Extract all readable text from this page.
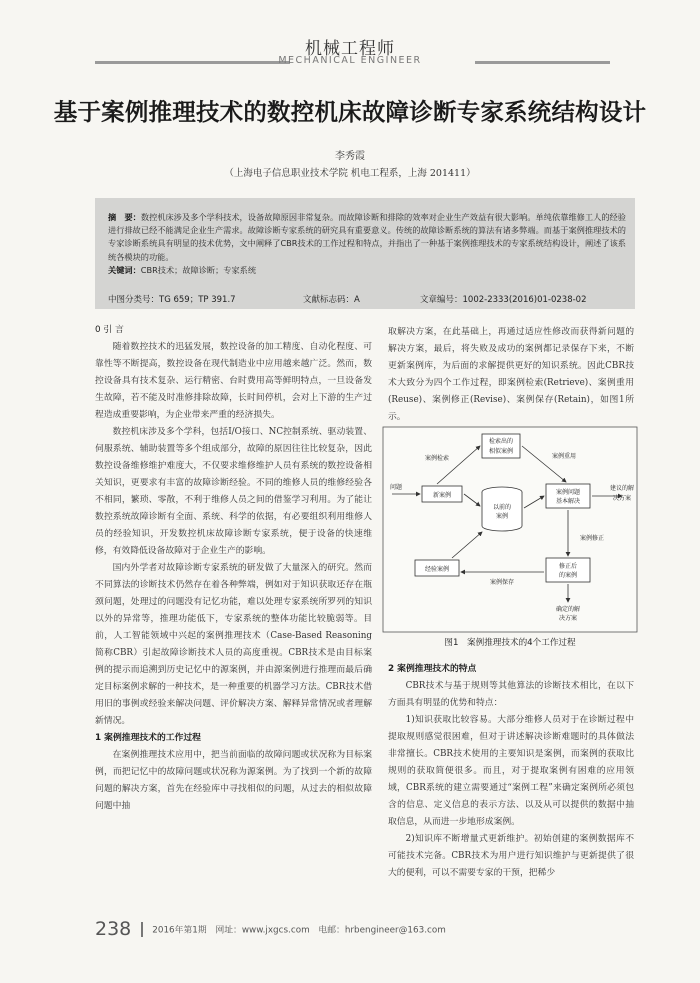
机械工程师
MECHANICAL ENGINEER
基于案例推理技术的数控机床故障诊断专家系统结构设计
李秀霞
（上海电子信息职业技术学院 机电工程系，上海 201411）
摘　要：数控机床涉及多个学科技术，设备故障原因非常复杂。而故障诊断和排除的效率对企业生产效益有很大影响。单纯依靠维修工人的经验进行排故已经不能满足企业生产需求。故障诊断专家系统的研究具有重要意义。传统的故障诊断系统的算法有诸多弊端。而基于案例推理技术的专家诊断系统具有明显的技术优势，文中阐释了CBR技术的工作过程和特点，并指出了一种基于案例推理技术的专家系统结构设计，阐述了该系统各模块的功能。
关键词：CBR技术；故障诊断；专家系统
中图分类号：TG 659；TP 391.7	文献标志码：A	文章编号：1002-2333(2016)01-0238-02

0 引 言

随着数控技术的迅猛发展，数控设备的加工精度、自动化程度、可靠性等不断提高，数控设备在现代制造业中应用越来越广泛。然而，数控设备具有技术复杂、运行精密、台时费用高等鲜明特点，一旦设备发生故障，若不能及时准修排除故障，长时间停机，会对上下游的生产过程造成重要影响，为企业带来严重的经济损失。

数控机床涉及多个学科，包括I/O接口、NC控制系统、驱动装置、伺服系统、辅助装置等多个组成部分，故障的原因往往比较复杂，因此数控设备维修维护难度大，不仅要求维修维护人员有系统的数控设备相关知识，更要求有丰富的故障诊断经验。不同的维修人员的维修经验各不相同，繁琐、零散，不利于维修人员之间的借鉴学习利用。为了能让数控系统故障诊断有全面、系统、科学的依据，有必要组织利用维修人员的经验知识，开发数控机床故障诊断专家系统，便于设备的快速维修，有效降低设备故障对于企业生产的影响。

国内外学者对故障诊断专家系统的研发做了大量深入的研究。然而不同算法的诊断技术仍然存在着各种弊端，例如对于知识获取还存在瓶颈问题，处理过的问题没有记忆功能，难以处理专家系统所罗列的知识以外的异常等，推理功能低下，专家系统的整体功能比较脆弱等。目前，人工智能领域中兴起的案例推理技术（Case-Based Reasoning 简称CBR）引起故障诊断技术人员的高度重视。CBR技术是由目标案例的提示而追溯到历史记忆中的源案例，并由源案例进行推理而最后确定目标案例求解的一种技术，是一种重要的机器学习方法。CBR技术借用旧的事例或经验来解决问题、评价解决方案、解释异常情况或者理解新情况。

1 案例推理技术的工作过程

在案例推理技术应用中，把当前面临的故障问题或状况称为目标案例，而把记忆中的故障问题或状况称为源案例。为了找到一个新的故障问题的解决方案，首先在经验库中寻找相似的问题，从过去的相似故障问题中抽

取解决方案，在此基础上，再通过适应性修改而获得新问题的解决方案，最后，将失败及成功的案例都记录保存下来，不断更新案例库，为后面的求解提供更好的知识系统。因此CBR技术大致分为四个工作过程，即案例检索(Retrieve)、案例重用(Reuse)、案例修正(Revise)、案例保存(Retain)，如图1所示。

检索出的
相似案例
案例检索	案例重用
问题
新案例
以前的
案例
案例问题
基本解决
建议的解
决方案
案例修正
经验案例
案例保存
修正后
的案例
确定的解
决方案
图1　案例推理技术的4个工作过程

2 案例推理技术的特点

CBR技术与基于规则等其他算法的诊断技术相比，在以下方面具有明显的优势和特点：

1)知识获取比较容易。大部分维修人员对于在诊断过程中提取规则感觉很困难，但对于讲述解决诊断难题时的具体做法非常擅长。CBR技术使用的主要知识是案例，而案例的获取比规则的获取简便很多。而且，对于提取案例有困难的应用领域，CBR系统的建立需要通过“案例工程”来确定案例所必须包含的信息、定义信息的表示方法、以及从可以提供的数据中抽取信息，从而进一步地形成案例。

2)知识库不断增量式更新维护。初始创建的案例数据库不可能技术完备。CBR技术为用户进行知识维护与更新提供了很大的便利，可以不需要专家的干预，把稀少

238 2016年第1期　网址：www.jxgcs.com　电邮：hrbengineer@163.com
